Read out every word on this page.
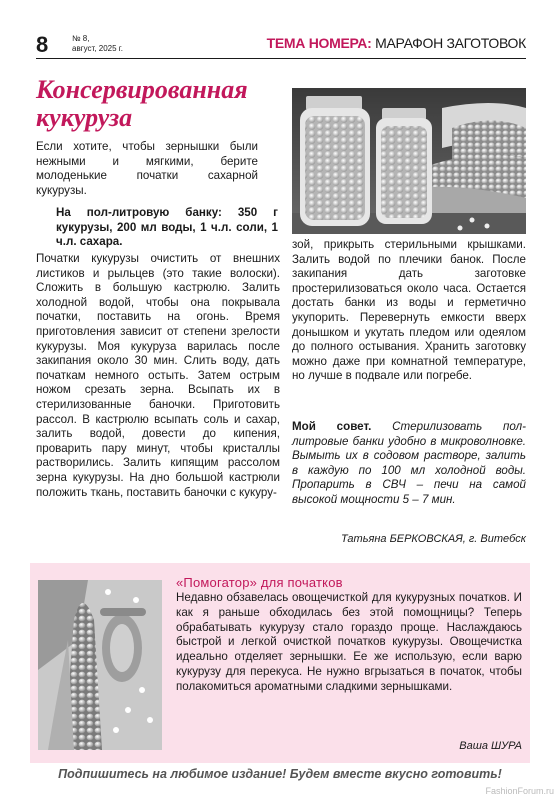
8	№ 8,
август, 2025 г.	ТЕМА НОМЕРА: МАРАФОН ЗАГОТОВОК
Консервированная
кукуруза
Если хотите, чтобы зернышки были нежными и мягкими, берите молоденькие початки сахарной кукурузы.
На пол-литровую банку: 350 г кукурузы, 200 мл воды, 1 ч.л. соли, 1 ч.л. сахара.
Початки кукурузы очистить от внешних листиков и рыльцев (это такие волоски). Сложить в большую кастрюлю. Залить холодной водой, чтобы она покрывала початки, поставить на огонь. Время приготовления зависит от степени зрелости кукурузы. Моя кукуруза варилась после закипания около 30 мин. Слить воду, дать початкам немного остыть. Затем острым ножом срезать зерна. Всыпать их в стерилизованные баночки. Приготовить рассол. В кастрюлю всыпать соль и сахар, залить водой, довести до кипения, проварить пару минут, чтобы кристаллы растворились. Залить кипящим рассолом зерна кукурузы. На дно большой кастрюли положить ткань, поставить баночки с кукуру-
зой, прикрыть стерильными крышками. Залить водой по плечики банок. После закипания дать заготовке простерилизоваться около часа. Остается достать банки из воды и герметично укупорить. Перевернуть емкости вверх донышком и укутать пледом или одеялом до полного остывания. Хранить заготовку можно даже при комнатной температуре, но лучше в подвале или погребе.
Мой совет. Стерилизовать пол-литровые банки удобно в микроволновке. Вымыть их в содовом растворе, залить в каждую по 100 мл холодной воды. Пропарить в СВЧ – печи на самой высокой мощности 5 – 7 мин.
Татьяна БЕРКОВСКАЯ, г. Витебск
«Помогатор» для початков
Недавно обзавелась овощечисткой для кукурузных початков. И как я раньше обходилась без этой помощницы? Теперь обрабатывать кукурузу стало гораздо проще. Наслаждаюсь быстрой и легкой очисткой початков кукурузы. Овощечистка идеально отделяет зернышки. Ее же использую, если варю кукурузу для перекуса. Не нужно вгрызаться в початок, чтобы полакомиться ароматными сладкими зернышками.
Ваша ШУРА
Подпишитесь на любимое издание! Будем вместе вкусно готовить!
FashionForum.ru
